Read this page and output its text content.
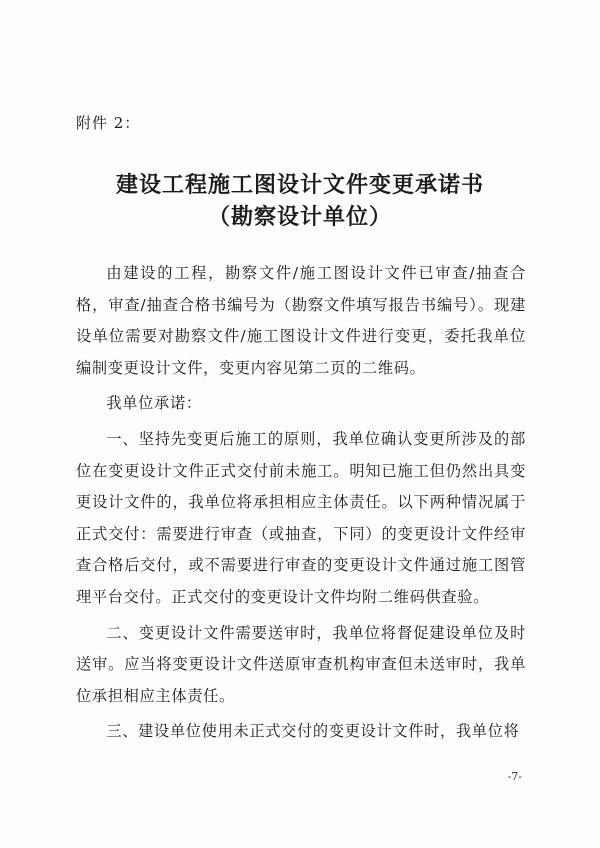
附件 2：
建设工程施工图设计文件变更承诺书
（勘察设计单位）

由建设的工程，勘察文件/施工图设计文件已审查/抽查合格，审查/抽查合格书编号为（勘察文件填写报告书编号）。现建设单位需要对勘察文件/施工图设计文件进行变更，委托我单位编制变更设计文件，变更内容见第二页的二维码。

我单位承诺：

一、坚持先变更后施工的原则，我单位确认变更所涉及的部位在变更设计文件正式交付前未施工。明知已施工但仍然出具变更设计文件的，我单位将承担相应主体责任。以下两种情况属于正式交付：需要进行审查（或抽查，下同）的变更设计文件经审查合格后交付，或不需要进行审查的变更设计文件通过施工图管理平台交付。正式交付的变更设计文件均附二维码供查验。

二、变更设计文件需要送审时，我单位将督促建设单位及时送审。应当将变更设计文件送原审查机构审查但未送审时，我单位承担相应主体责任。

三、建设单位使用未正式交付的变更设计文件时，我单位将

-7-
